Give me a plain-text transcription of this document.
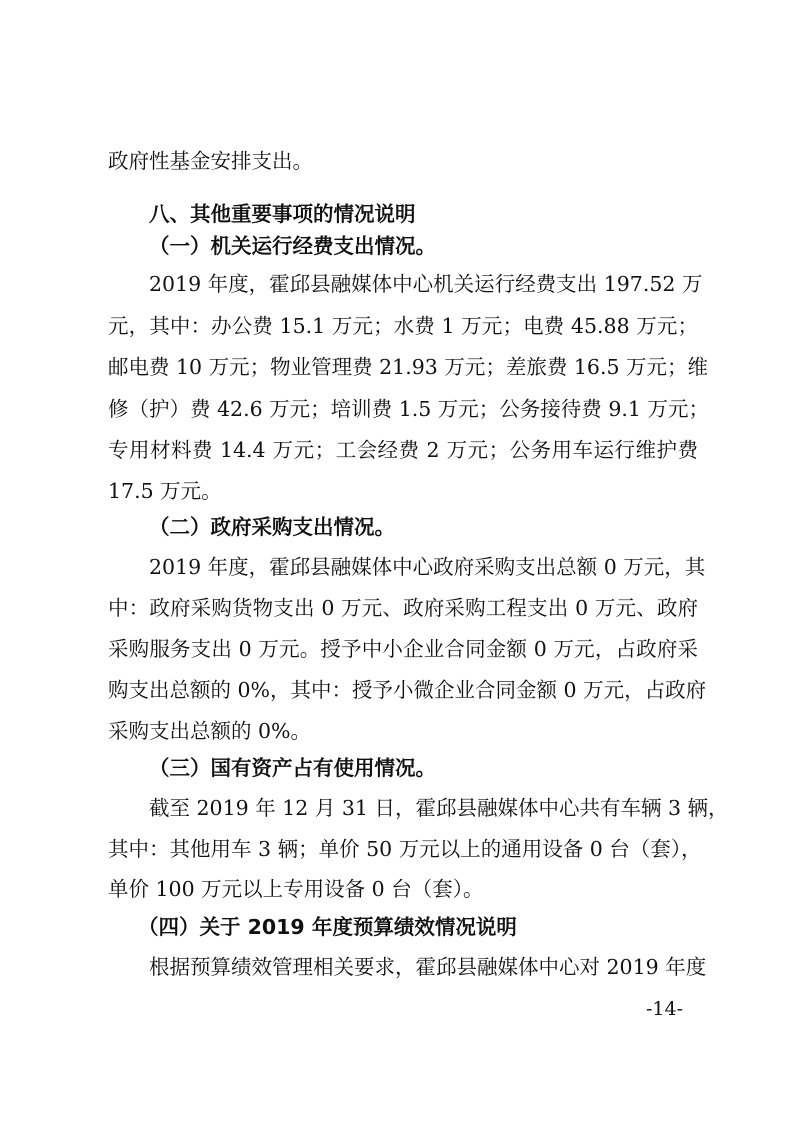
政府性基金安排支出。
八、其他重要事项的情况说明
（一）机关运行经费支出情况。
2019 年度，霍邱县融媒体中心机关运行经费支出 197.52 万
元，其中：办公费 15.1 万元；水费 1 万元；电费 45.88 万元；
邮电费 10 万元；物业管理费 21.93 万元；差旅费 16.5 万元；维
修（护）费 42.6 万元；培训费 1.5 万元；公务接待费 9.1 万元；
专用材料费 14.4 万元；工会经费 2 万元；公务用车运行维护费
17.5 万元。
（二）政府采购支出情况。
2019 年度，霍邱县融媒体中心政府采购支出总额 0 万元，其
中：政府采购货物支出 0 万元、政府采购工程支出 0 万元、政府
采购服务支出 0 万元。授予中小企业合同金额 0 万元，占政府采
购支出总额的 0%，其中：授予小微企业合同金额 0 万元，占政府
采购支出总额的 0%。
（三）国有资产占有使用情况。
截至 2019 年 12 月 31 日，霍邱县融媒体中心共有车辆 3 辆，
其中：其他用车 3 辆；单价 50 万元以上的通用设备 0 台（套），
单价 100 万元以上专用设备 0 台（套）。
（四）关于 2019 年度预算绩效情况说明
根据预算绩效管理相关要求，霍邱县融媒体中心对 2019 年度
-14-
